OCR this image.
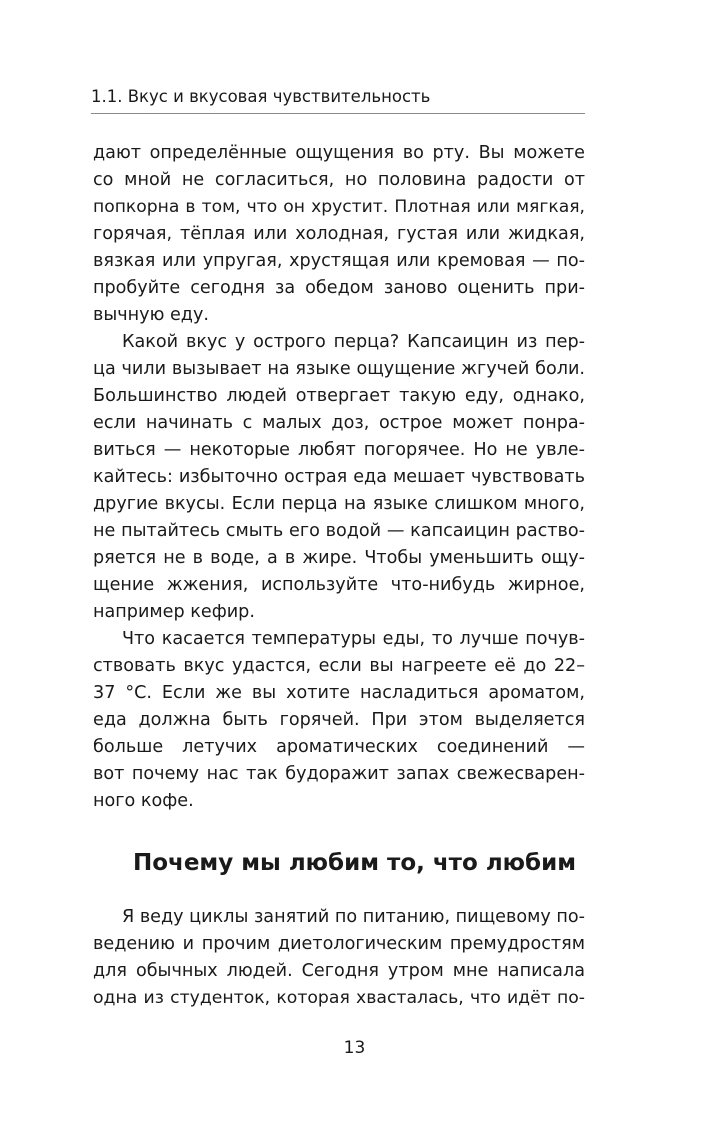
1.1. Вкус и вкусовая чувствительность
дают определённые ощущения во рту. Вы можете
со мной не согласиться, но половина радости от
попкорна в том, что он хрустит. Плотная или мягкая,
горячая, тёплая или холодная, густая или жидкая,
вязкая или упругая, хрустящая или кремовая — по-
пробуйте сегодня за обедом заново оценить при-
вычную еду.
Какой вкус у острого перца? Капсаицин из пер-
ца чили вызывает на языке ощущение жгучей боли.
Большинство людей отвергает такую еду, однако,
если начинать с малых доз, острое может понра-
виться — некоторые любят погорячее. Но не увле-
кайтесь: избыточно острая еда мешает чувствовать
другие вкусы. Если перца на языке слишком много,
не пытайтесь смыть его водой — капсаицин раство-
ряется не в воде, а в жире. Чтобы уменьшить ощу-
щение жжения, используйте что-нибудь жирное,
например кефир.
Что касается температуры еды, то лучше почув-
ствовать вкус удастся, если вы нагреете её до 22–
37 °C. Если же вы хотите насладиться ароматом,
еда должна быть горячей. При этом выделяется
больше летучих ароматических соединений —
вот почему нас так будоражит запах свежесварен-
ного кофе.
Почему мы любим то, что любим
Я веду циклы занятий по питанию, пищевому по-
ведению и прочим диетологическим премудростям
для обычных людей. Сегодня утром мне написала
одна из студенток, которая хвасталась, что идёт по-
13
